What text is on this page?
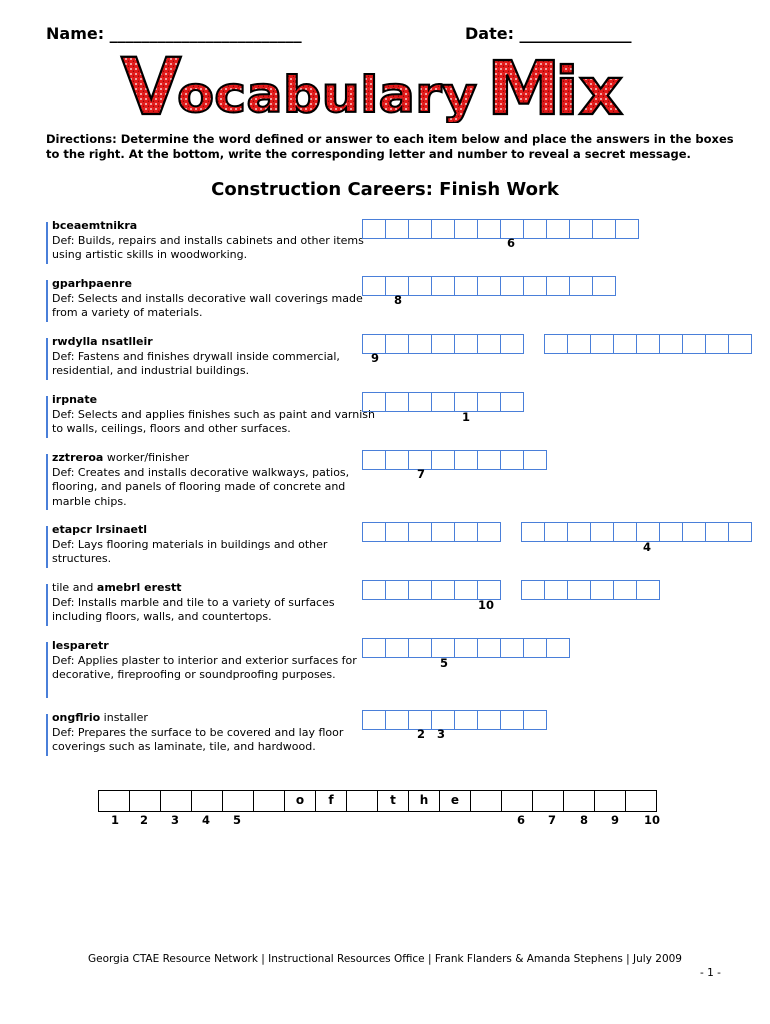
Name: ________________________	Date: ______________
V
ocabulary M
ix
Directions: Determine the word defined or answer to each item below and place the answers in the boxes to the right. At the bottom, write the corresponding letter and number to reveal a secret message.
Construction Careers: Finish Work
bceaemtnikra
Def: Builds, repairs and installs cabinets and other items using artistic skills in woodworking.
6
gparhpaenre
Def: Selects and installs decorative wall coverings made from a variety of materials.
8
rwdylla nsatlleir
Def: Fastens and finishes drywall inside commercial, residential, and industrial buildings.
9
irpnate
Def: Selects and applies finishes such as paint and varnish to walls, ceilings, floors and other surfaces.
1
zztreroa worker/finisher
Def: Creates and installs decorative walkways, patios, flooring, and panels of flooring made of concrete and marble chips.
7
etapcr lrsinaetl
Def: Lays flooring materials in buildings and other structures.
4
tile and amebrl erestt
Def: Installs marble and tile to a variety of surfaces including floors, walls, and countertops.
10
lesparetr
Def: Applies plaster to interior and exterior surfaces for decorative, fireproofing or soundproofing purposes.
5
ongflrio installer
Def: Prepares the surface to be covered and lay floor coverings such as laminate, tile, and hardwood.
2   3
o	f	t	h	e
1 2 3 4 5	6 7 8 9 10
Georgia CTAE Resource Network | Instructional Resources Office | Frank Flanders & Amanda Stephens | July 2009
- 1 -
